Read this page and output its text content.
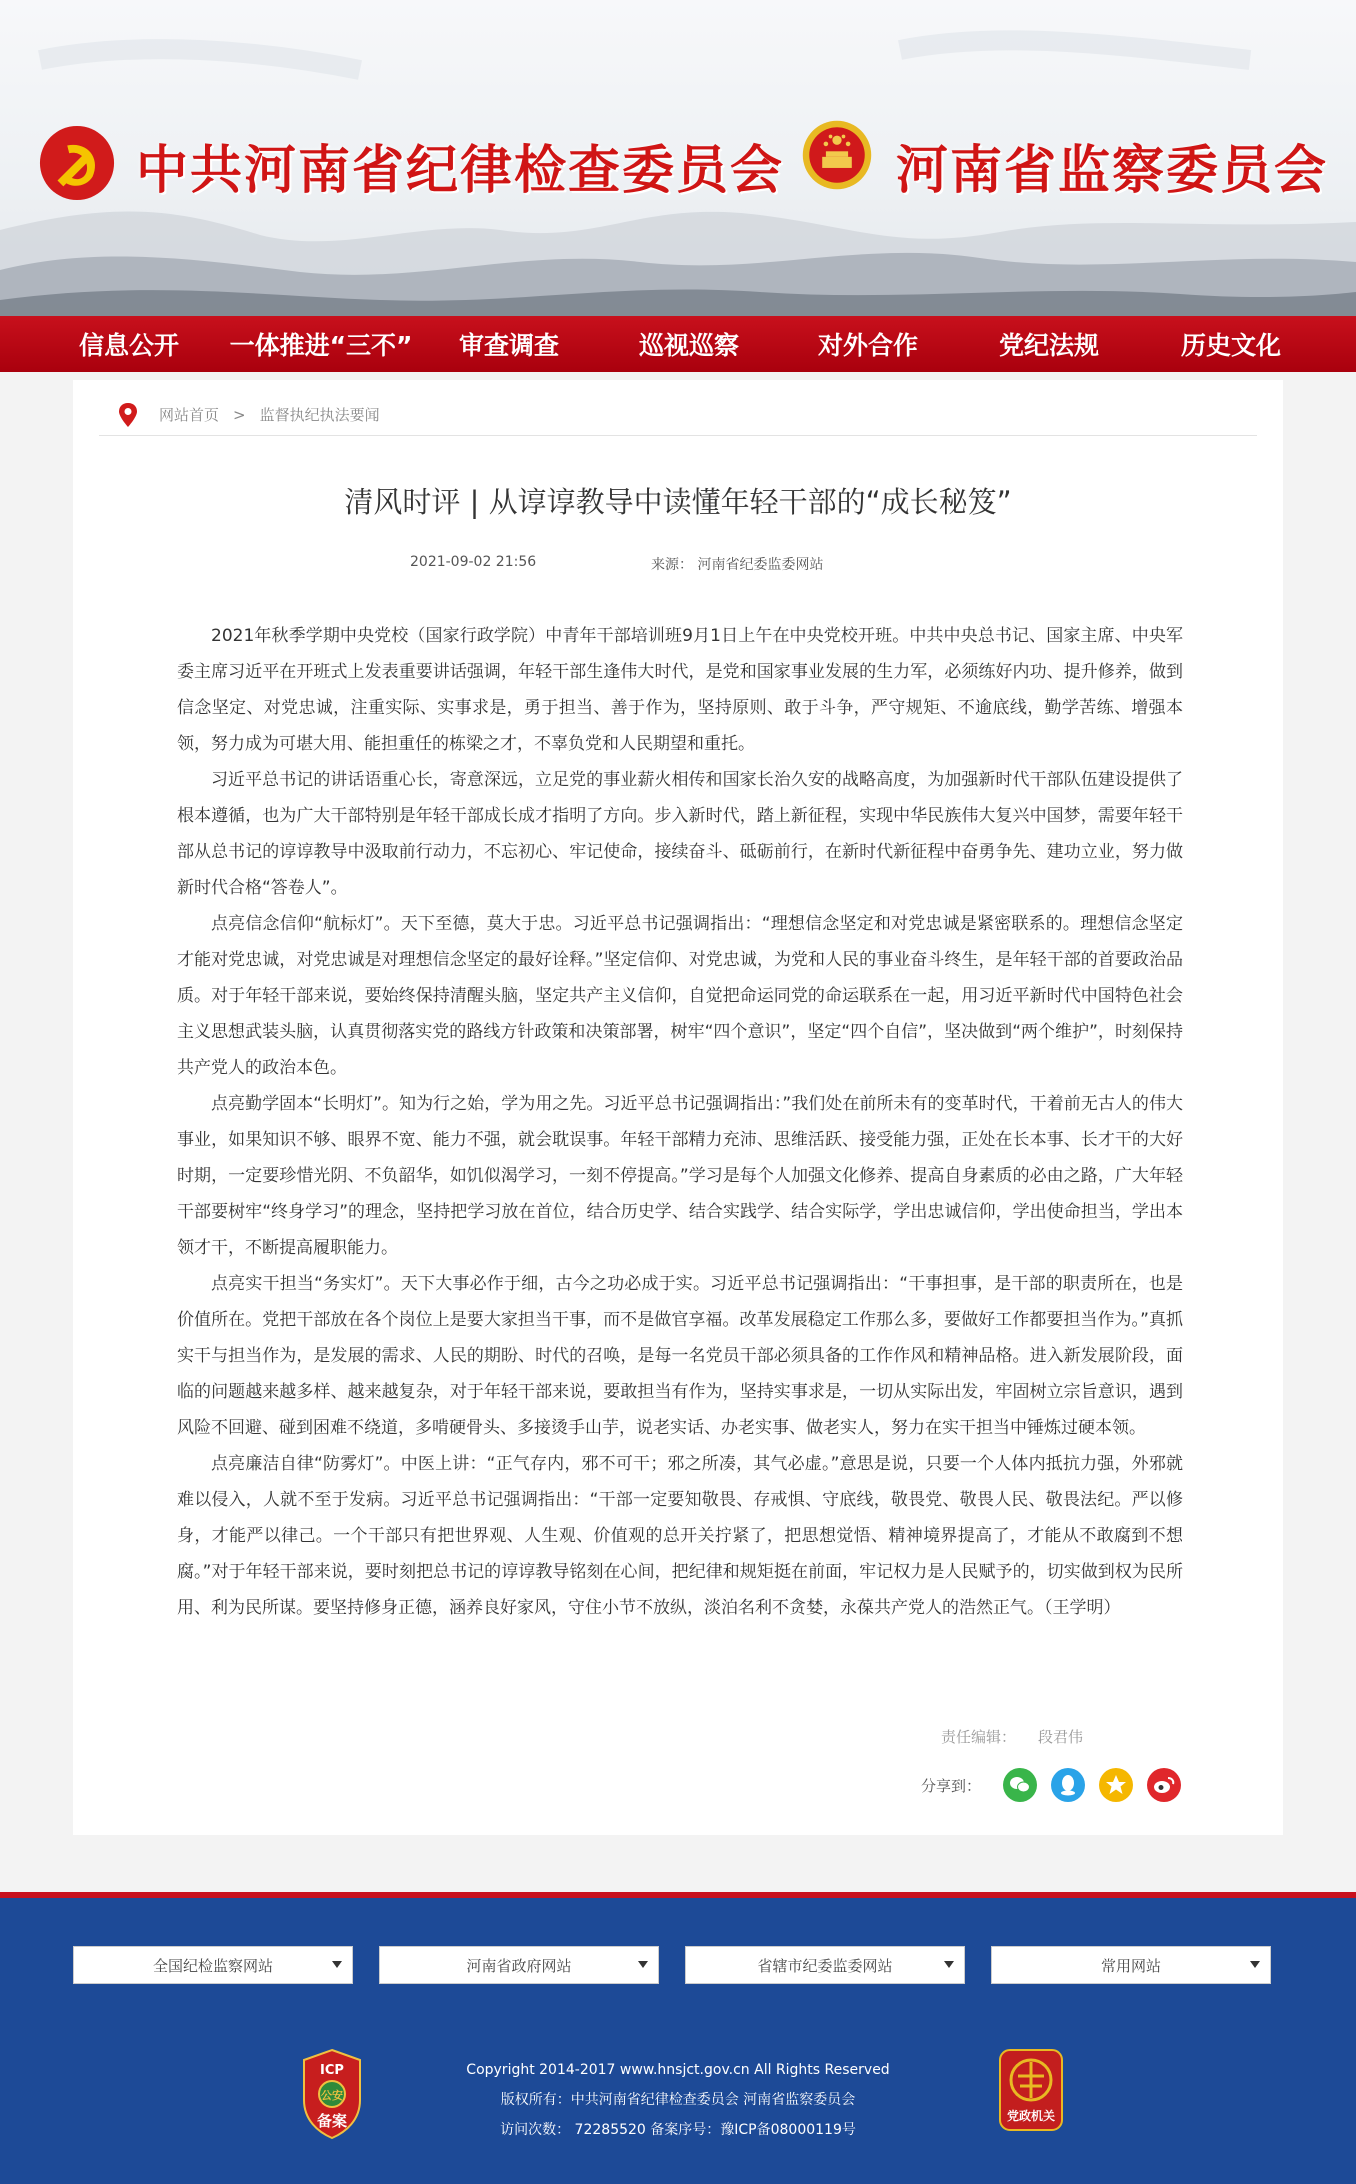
中共河南省纪律检查委员会 河南省监察委员会
信息公开	一体推进“三不”	审查调查	巡视巡察	对外合作	党纪法规	历史文化
网站首页 > 监督执纪执法要闻
清风时评 | 从谆谆教导中读懂年轻干部的“成长秘笈”
2021-09-02 21:56	来源： 河南省纪委监委网站

2021年秋季学期中央党校（国家行政学院）中青年干部培训班9月1日上午在中央党校开班。中共中央总书记、国家主席、中央军委主席习近平在开班式上发表重要讲话强调，年轻干部生逢伟大时代，是党和国家事业发展的生力军，必须练好内功、提升修养，做到信念坚定、对党忠诚，注重实际、实事求是，勇于担当、善于作为，坚持原则、敢于斗争，严守规矩、不逾底线，勤学苦练、增强本领，努力成为可堪大用、能担重任的栋梁之才，不辜负党和人民期望和重托。

习近平总书记的讲话语重心长，寄意深远，立足党的事业薪火相传和国家长治久安的战略高度，为加强新时代干部队伍建设提供了根本遵循，也为广大干部特别是年轻干部成长成才指明了方向。步入新时代，踏上新征程，实现中华民族伟大复兴中国梦，需要年轻干部从总书记的谆谆教导中汲取前行动力，不忘初心、牢记使命，接续奋斗、砥砺前行，在新时代新征程中奋勇争先、建功立业，努力做新时代合格“答卷人”。

点亮信念信仰“航标灯”。天下至德，莫大于忠。习近平总书记强调指出：“理想信念坚定和对党忠诚是紧密联系的。理想信念坚定才能对党忠诚，对党忠诚是对理想信念坚定的最好诠释。”坚定信仰、对党忠诚，为党和人民的事业奋斗终生，是年轻干部的首要政治品质。对于年轻干部来说，要始终保持清醒头脑，坚定共产主义信仰，自觉把命运同党的命运联系在一起，用习近平新时代中国特色社会主义思想武装头脑，认真贯彻落实党的路线方针政策和决策部署，树牢“四个意识”，坚定“四个自信”，坚决做到“两个维护”，时刻保持共产党人的政治本色。

点亮勤学固本“长明灯”。知为行之始，学为用之先。习近平总书记强调指出：”我们处在前所未有的变革时代，干着前无古人的伟大事业，如果知识不够、眼界不宽、能力不强，就会耽误事。年轻干部精力充沛、思维活跃、接受能力强，正处在长本事、长才干的大好时期，一定要珍惜光阴、不负韶华，如饥似渴学习，一刻不停提高。”学习是每个人加强文化修养、提高自身素质的必由之路，广大年轻干部要树牢“终身学习”的理念，坚持把学习放在首位，结合历史学、结合实践学、结合实际学，学出忠诚信仰，学出使命担当，学出本领才干，不断提高履职能力。

点亮实干担当“务实灯”。天下大事必作于细，古今之功必成于实。习近平总书记强调指出：“干事担事，是干部的职责所在，也是价值所在。党把干部放在各个岗位上是要大家担当干事，而不是做官享福。改革发展稳定工作那么多，要做好工作都要担当作为。”真抓实干与担当作为，是发展的需求、人民的期盼、时代的召唤，是每一名党员干部必须具备的工作作风和精神品格。进入新发展阶段，面临的问题越来越多样、越来越复杂，对于年轻干部来说，要敢担当有作为，坚持实事求是，一切从实际出发，牢固树立宗旨意识，遇到风险不回避、碰到困难不绕道，多啃硬骨头、多接烫手山芋，说老实话、办老实事、做老实人，努力在实干担当中锤炼过硬本领。

点亮廉洁自律“防雾灯”。中医上讲：“正气存内，邪不可干；邪之所凑，其气必虚。”意思是说，只要一个人体内抵抗力强，外邪就难以侵入，人就不至于发病。习近平总书记强调指出：“干部一定要知敬畏、存戒惧、守底线，敬畏党、敬畏人民、敬畏法纪。严以修身，才能严以律己。一个干部只有把世界观、人生观、价值观的总开关拧紧了，把思想觉悟、精神境界提高了，才能从不敢腐到不想腐。”对于年轻干部来说，要时刻把总书记的谆谆教导铭刻在心间，把纪律和规矩挺在前面，牢记权力是人民赋予的，切实做到权为民所用、利为民所谋。要坚持修身正德，涵养良好家风，守住小节不放纵，淡泊名利不贪婪，永葆共产党人的浩然正气。（王学明）

责任编辑： 段君伟
分享到：
全国纪检监察网站	河南省政府网站	省辖市纪委监委网站	常用网站
ICP
公安
备案
Copyright 2014-2017 www.hnsjct.gov.cn All Rights Reserved
版权所有：中共河南省纪律检查委员会 河南省监察委员会
访问次数： 72285520 备案序号：豫ICP备08000119号
党政机关
